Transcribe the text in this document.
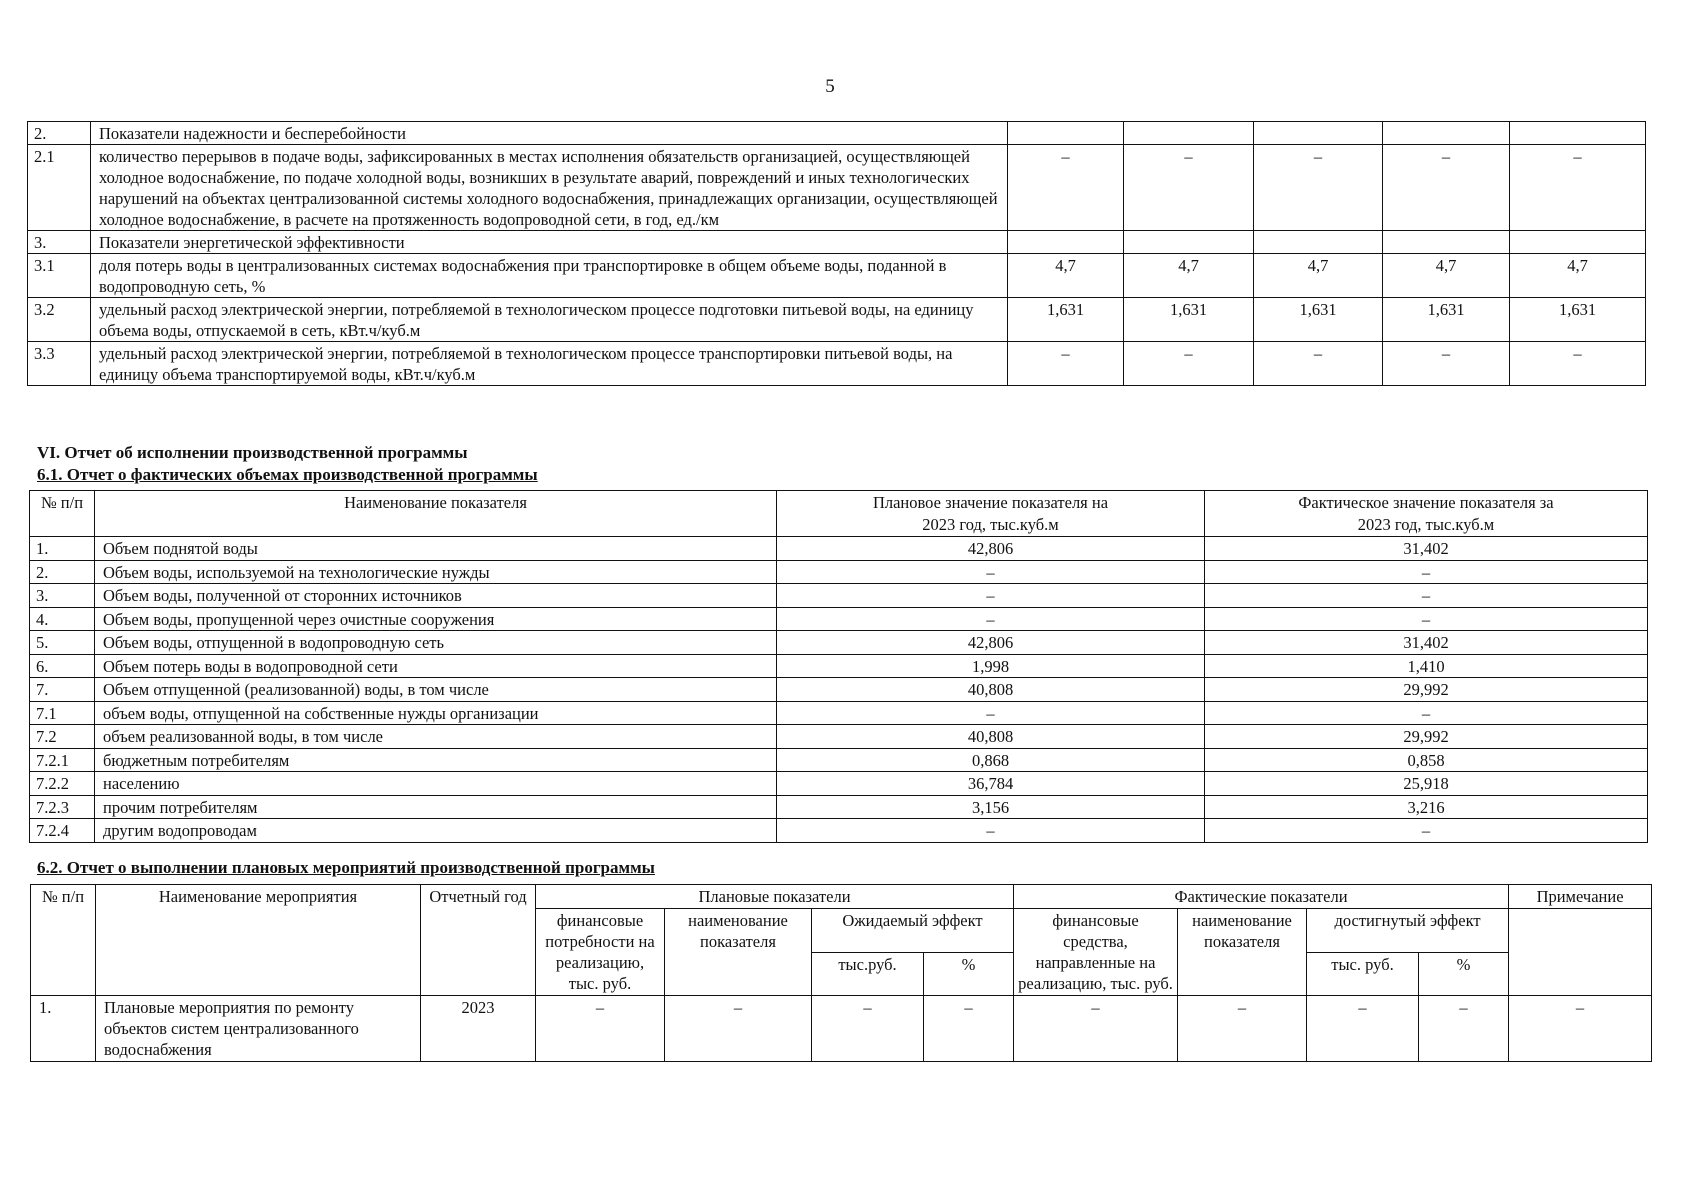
5
2.	Показатели надежности и бесперебойности					
2.1	количество перерывов в подаче воды, зафиксированных в местах исполнения обязательств организацией, осуществляющей холодное водоснабжение, по подаче холодной воды, возникших в результате аварий, повреждений и иных технологических нарушений на объектах централизованной системы холодного водоснабжения, принадлежащих организации, осуществляющей холодное водоснабжение, в расчете на протяженность водопроводной сети, в год, ед./км	–	–	–	–	–
3.	Показатели энергетической эффективности					
3.1	доля потерь воды в централизованных системах водоснабжения при транспортировке в общем объеме воды, поданной в водопроводную сеть, %	4,7	4,7	4,7	4,7	4,7
3.2	удельный расход электрической энергии, потребляемой в технологическом процессе подготовки питьевой воды, на единицу объема воды, отпускаемой в сеть, кВт.ч/куб.м	1,631	1,631	1,631	1,631	1,631
3.3	удельный расход электрической энергии, потребляемой в технологическом процессе транспортировки питьевой воды, на единицу объема транспортируемой воды, кВт.ч/куб.м	–	–	–	–	–
VI. Отчет об исполнении производственной программы
6.1. Отчет о фактических объемах производственной программы
№ п/п	Наименование показателя	Плановое значение показателя на 2023 год, тыс.куб.м	Фактическое значение показателя за 2023 год, тыс.куб.м
1.	Объем поднятой воды	42,806	31,402
2.	Объем воды, используемой на технологические нужды	–	–
3.	Объем воды, полученной от сторонних источников	–	–
4.	Объем воды, пропущенной через очистные сооружения	–	–
5.	Объем воды, отпущенной в водопроводную сеть	42,806	31,402
6.	Объем потерь воды в водопроводной сети	1,998	1,410
7.	Объем отпущенной (реализованной) воды, в том числе	40,808	29,992
7.1	объем воды, отпущенной на собственные нужды организации	–	–
7.2	объем реализованной воды, в том числе	40,808	29,992
7.2.1	бюджетным потребителям	0,868	0,858
7.2.2	населению	36,784	25,918
7.2.3	прочим потребителям	3,156	3,216
7.2.4	другим водопроводам	–	–
6.2. Отчет о выполнении плановых мероприятий производственной программы
№ п/п	Наименование мероприятия	Отчетный год	Плановые показатели				Фактические показатели				Примечание
			финансовые потребности на реализацию, тыс. руб.	наименование показателя	Ожидаемый эффект		финансовые средства, направленные на реализацию, тыс. руб.	наименование показателя	достигнутый эффект		
					тыс.руб.	%			тыс. руб.	%	
1.	Плановые мероприятия по ремонту объектов систем централизованного водоснабжения	2023	–	–	–	–	–	–	–	–	–
